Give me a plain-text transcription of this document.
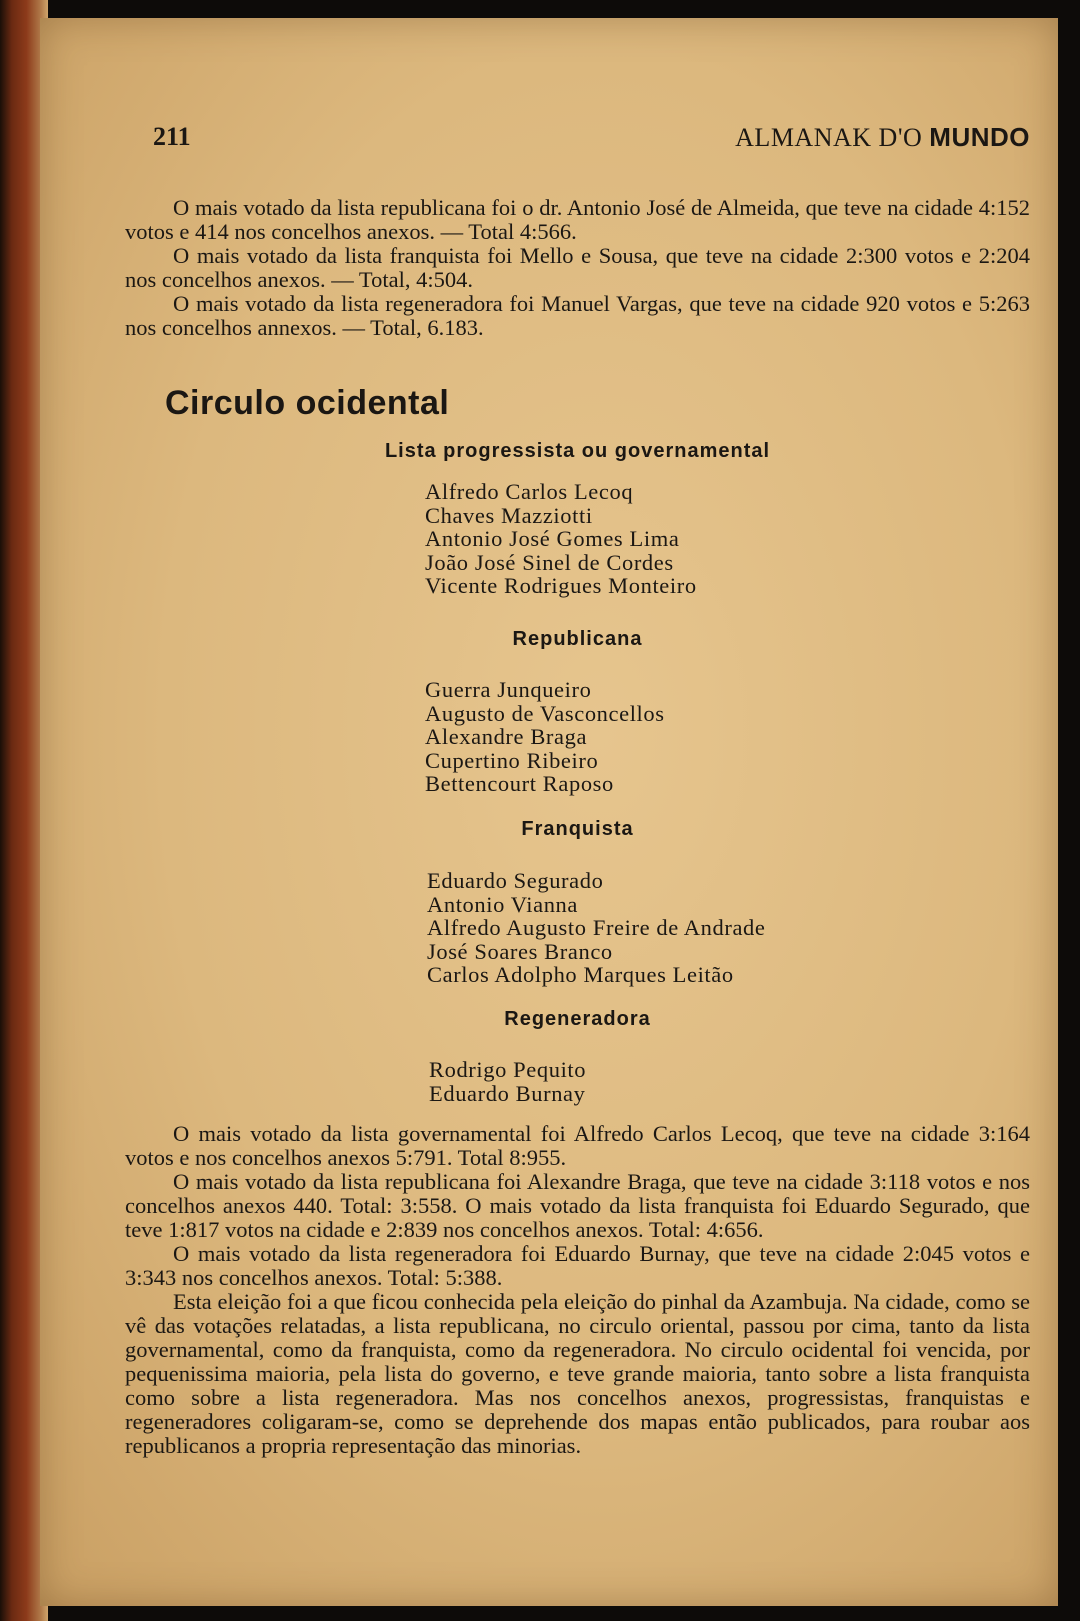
211	ALMANAK D'O MUNDO

O mais votado da lista republicana foi o dr. Antonio José de Almeida, que teve na cidade 4:152 votos e 414 nos concelhos anexos. — Total 4:566.

O mais votado da lista franquista foi Mello e Sousa, que teve na cidade 2:300 votos e 2:204 nos concelhos anexos. — Total, 4:504.

O mais votado da lista regeneradora foi Manuel Vargas, que teve na cidade 920 votos e 5:263 nos concelhos annexos. — Total, 6.183.

Circulo ocidental
Lista progressista ou governamental
Alfredo Carlos Lecoq
Chaves Mazziotti
Antonio José Gomes Lima
João José Sinel de Cordes
Vicente Rodrigues Monteiro
Republicana
Guerra Junqueiro
Augusto de Vasconcellos
Alexandre Braga
Cupertino Ribeiro
Bettencourt Raposo
Franquista
Eduardo Segurado
Antonio Vianna
Alfredo Augusto Freire de Andrade
José Soares Branco
Carlos Adolpho Marques Leitão
Regeneradora
Rodrigo Pequito
Eduardo Burnay

O mais votado da lista governamental foi Alfredo Carlos Lecoq, que teve na cidade 3:164 votos e nos concelhos anexos 5:791. Total 8:955.

O mais votado da lista republicana foi Alexandre Braga, que teve na cidade 3:118 votos e nos concelhos anexos 440. Total: 3:558. O mais votado da lista franquista foi Eduardo Segurado, que teve 1:817 votos na cidade e 2:839 nos concelhos anexos. Total: 4:656.

O mais votado da lista regeneradora foi Eduardo Burnay, que teve na cidade 2:045 votos e 3:343 nos concelhos anexos. Total: 5:388.

Esta eleição foi a que ficou conhecida pela eleição do pinhal da Azambuja. Na cidade, como se vê das votações relatadas, a lista republicana, no circulo oriental, passou por cima, tanto da lista governamental, como da franquista, como da regeneradora. No circulo ocidental foi vencida, por pequenissima maioria, pela lista do governo, e teve grande maioria, tanto sobre a lista franquista como sobre a lista regeneradora. Mas nos concelhos anexos, progressistas, franquistas e regeneradores coligaram-se, como se deprehende dos mapas então publicados, para roubar aos republicanos a propria representação das minorias.
